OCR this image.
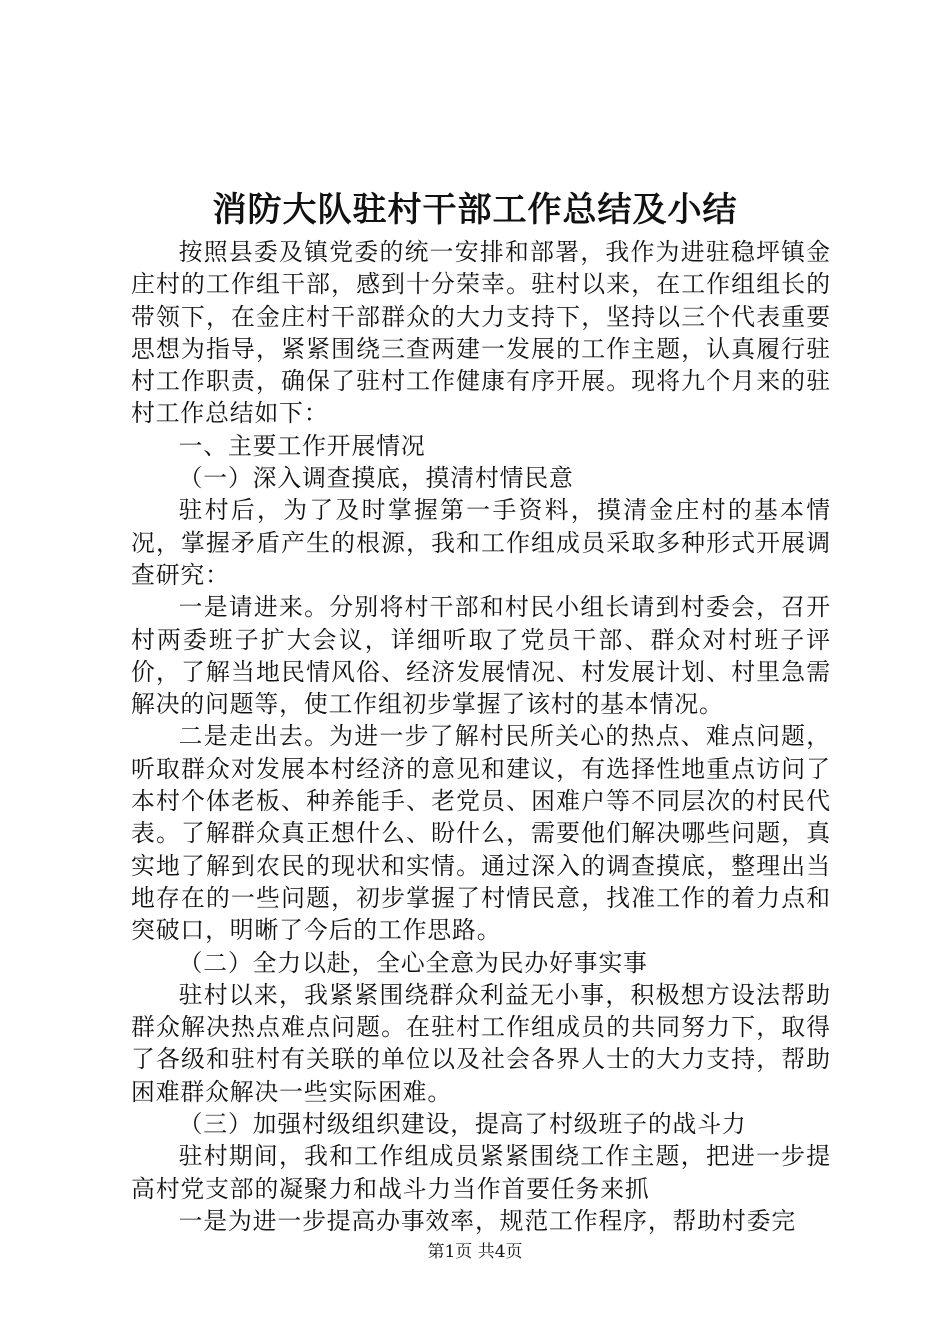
消防大队驻村干部工作总结及小结

按照县委及镇党委的统一安排和部署，我作为进驻稳坪镇金庄村的工作组干部，感到十分荣幸。驻村以来，在工作组组长的带领下，在金庄村干部群众的大力支持下，坚持以三个代表重要思想为指导，紧紧围绕三查两建一发展的工作主题，认真履行驻村工作职责，确保了驻村工作健康有序开展。现将九个月来的驻村工作总结如下：

一、主要工作开展情况

（一）深入调查摸底，摸清村情民意

驻村后，为了及时掌握第一手资料，摸清金庄村的基本情况，掌握矛盾产生的根源，我和工作组成员采取多种形式开展调查研究：

一是请进来。分别将村干部和村民小组长请到村委会，召开村两委班子扩大会议，详细听取了党员干部、群众对村班子评价，了解当地民情风俗、经济发展情况、村发展计划、村里急需解决的问题等，使工作组初步掌握了该村的基本情况。

二是走出去。为进一步了解村民所关心的热点、难点问题，听取群众对发展本村经济的意见和建议，有选择性地重点访问了本村个体老板、种养能手、老党员、困难户等不同层次的村民代表。了解群众真正想什么、盼什么，需要他们解决哪些问题，真实地了解到农民的现状和实情。通过深入的调查摸底，整理出当地存在的一些问题，初步掌握了村情民意，找准工作的着力点和突破口，明晰了今后的工作思路。

（二）全力以赴，全心全意为民办好事实事

驻村以来，我紧紧围绕群众利益无小事，积极想方设法帮助群众解决热点难点问题。在驻村工作组成员的共同努力下，取得了各级和驻村有关联的单位以及社会各界人士的大力支持，帮助困难群众解决一些实际困难。

（三）加强村级组织建设，提高了村级班子的战斗力

驻村期间，我和工作组成员紧紧围绕工作主题，把进一步提高村党支部的凝聚力和战斗力当作首要任务来抓

一是为进一步提高办事效率，规范工作程序，帮助村委完

第1页 共4页
